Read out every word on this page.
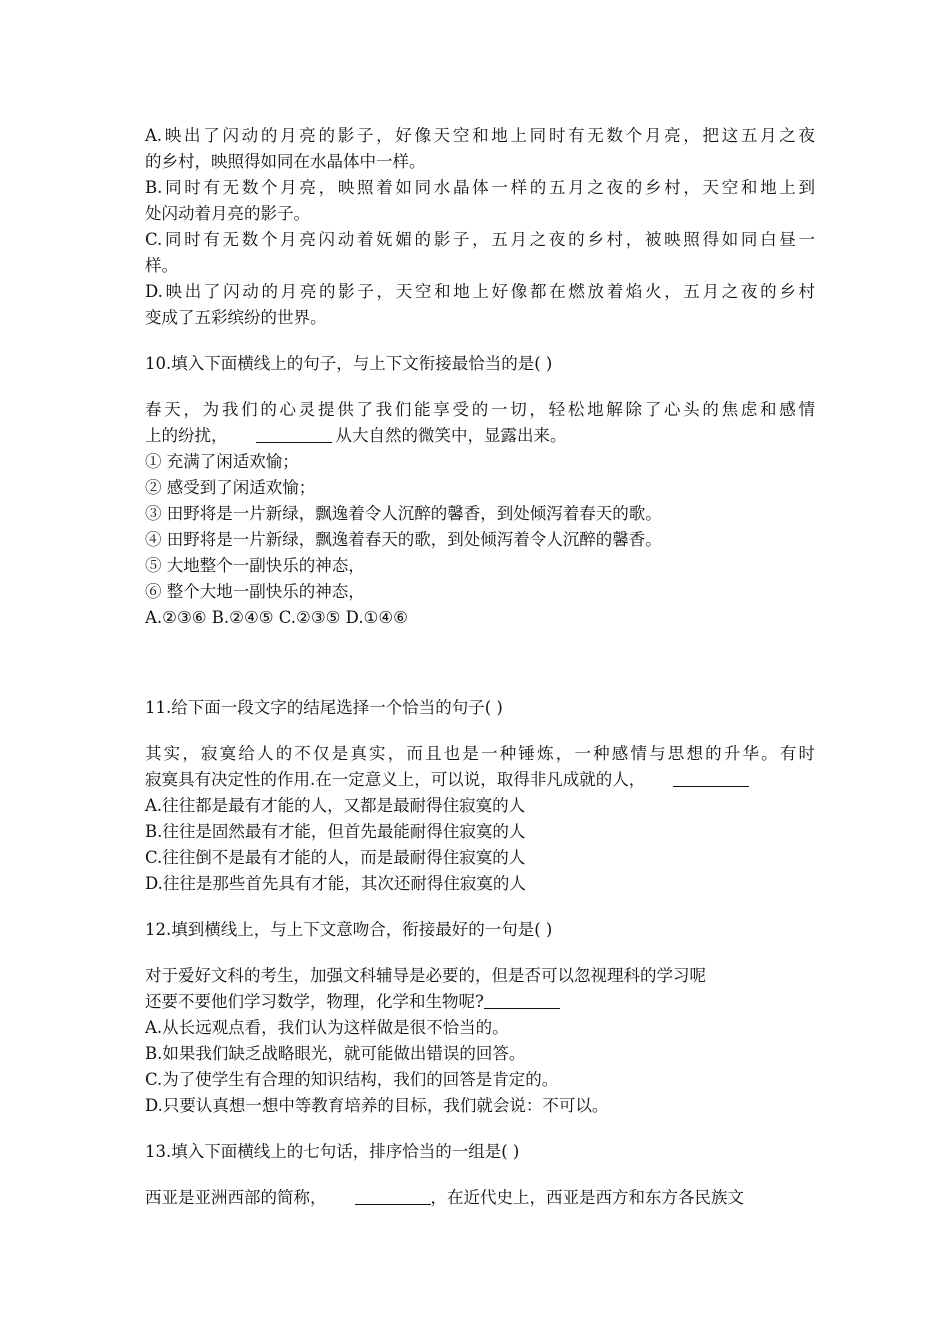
A.映出了闪动的月亮的影子，好像天空和地上同时有无数个月亮，把这五月之夜
的乡村，映照得如同在水晶体中一样。
B.同时有无数个月亮，映照着如同水晶体一样的五月之夜的乡村，天空和地上到
处闪动着月亮的影子。
C.同时有无数个月亮闪动着妩媚的影子，五月之夜的乡村，被映照得如同白昼一
样。
D.映出了闪动的月亮的影子，天空和地上好像都在燃放着焰火，五月之夜的乡村
变成了五彩缤纷的世界。
10.填入下面横线上的句子，与上下文衔接最恰当的是( )
春天，为我们的心灵提供了我们能享受的一切，轻松地解除了心头的焦虑和感情
上的纷扰，	从大自然的微笑中，显露出来。
① 充满了闲适欢愉；
② 感受到了闲适欢愉；
③ 田野将是一片新绿，飘逸着令人沉醉的馨香，到处倾泻着春天的歌。
④ 田野将是一片新绿，飘逸着春天的歌，到处倾泻着令人沉醉的馨香。
⑤ 大地整个一副快乐的神态，
⑥ 整个大地一副快乐的神态，
A.②③⑥ B.②④⑤ C.②③⑤ D.①④⑥
11.给下面一段文字的结尾选择一个恰当的句子( )
其实，寂寞给人的不仅是真实，而且也是一种锤炼，一种感情与思想的升华。有时
寂寞具有决定性的作用.在一定意义上，可以说，取得非凡成就的人，
A.往往都是最有才能的人，又都是最耐得住寂寞的人
B.往往是固然最有才能，但首先最能耐得住寂寞的人
C.往往倒不是最有才能的人，而是最耐得住寂寞的人
D.往往是那些首先具有才能，其次还耐得住寂寞的人
12.填到横线上，与上下文意吻合，衔接最好的一句是( )
对于爱好文科的考生，加强文科辅导是必要的，但是否可以忽视理科的学习呢
还要不要他们学习数学，物理，化学和生物呢?
A.从长远观点看，我们认为这样做是很不恰当的。
B.如果我们缺乏战略眼光，就可能做出错误的回答。
C.为了使学生有合理的知识结构，我们的回答是肯定的。
D.只要认真想一想中等教育培养的目标，我们就会说：不可以。
13.填入下面横线上的七句话，排序恰当的一组是( )
西亚是亚洲西部的简称，	，在近代史上，西亚是西方和东方各民族文
